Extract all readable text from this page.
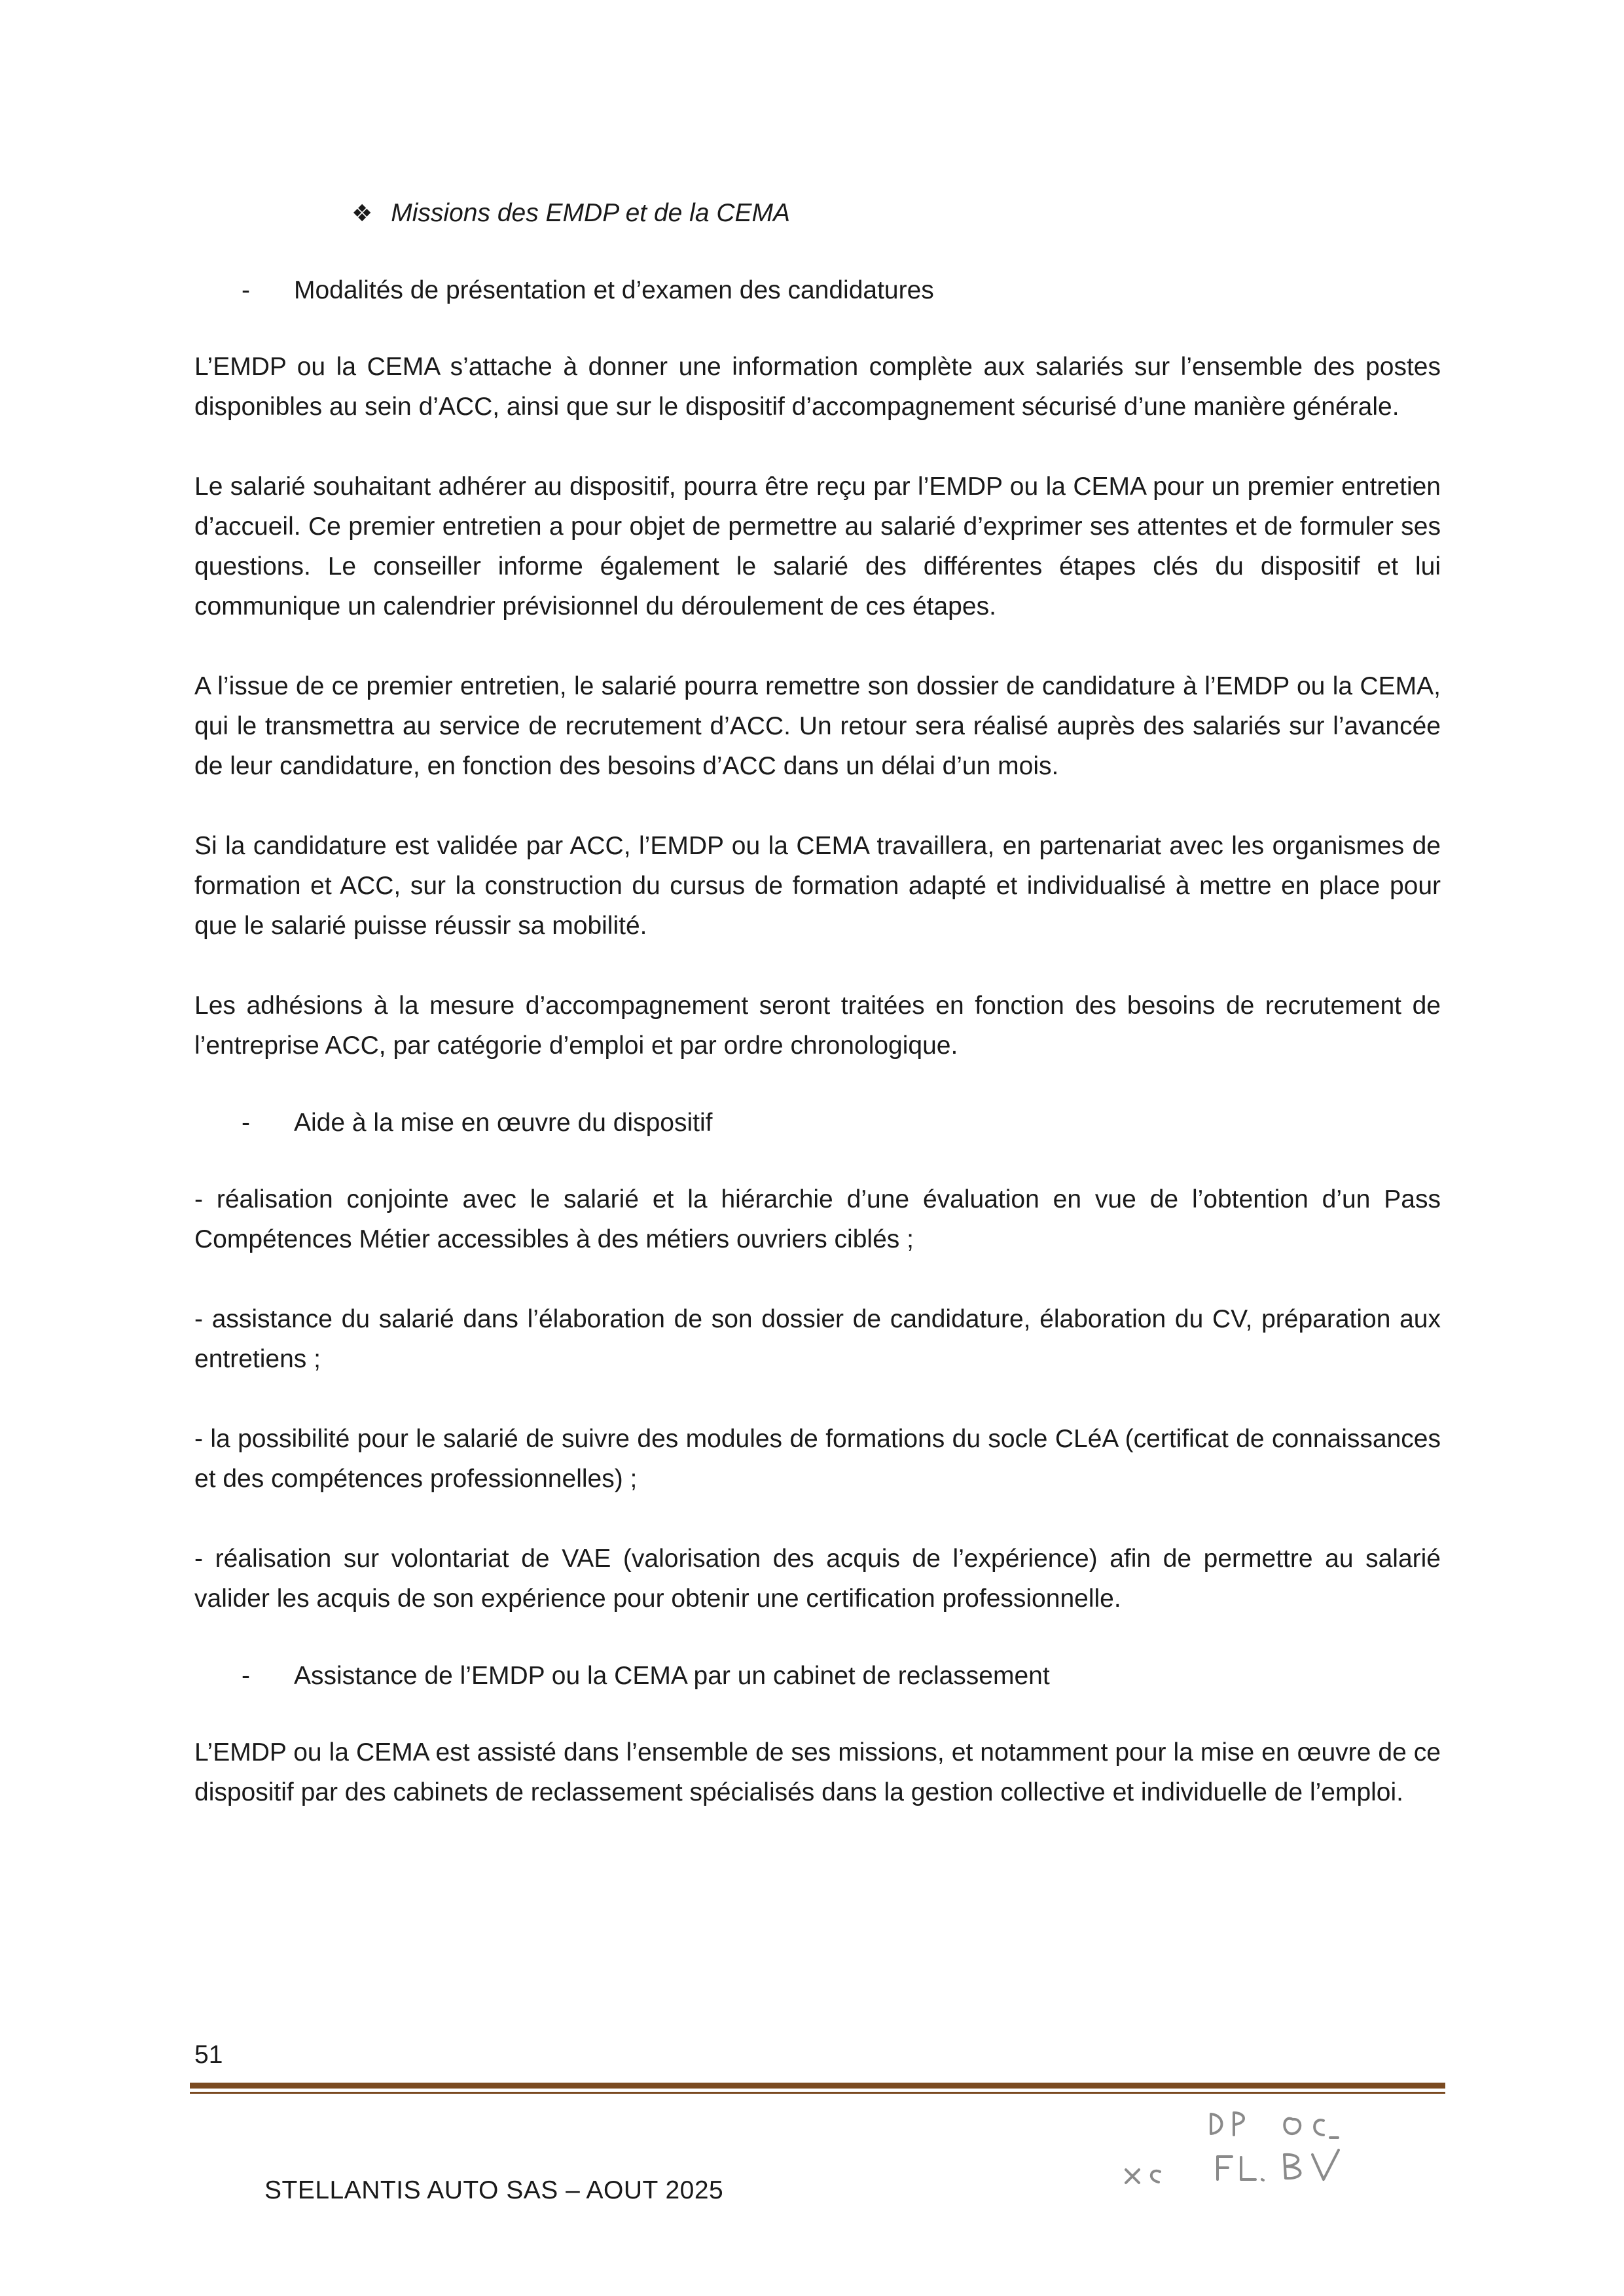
❖ Missions des EMDP et de la CEMA
-	Modalités de présentation et d’examen des candidatures

L’EMDP ou la CEMA s’attache à donner une information complète aux salariés sur l’ensemble des postes disponibles au sein d’ACC, ainsi que sur le dispositif d’accompagnement sécurisé d’une manière générale.

Le salarié souhaitant adhérer au dispositif, pourra être reçu par l’EMDP ou la CEMA pour un premier entretien d’accueil. Ce premier entretien a pour objet de permettre au salarié d’exprimer ses attentes et de formuler ses questions. Le conseiller informe également le salarié des différentes étapes clés du dispositif et lui communique un calendrier prévisionnel du déroulement de ces étapes.

A l’issue de ce premier entretien, le salarié pourra remettre son dossier de candidature à l’EMDP ou la CEMA, qui le transmettra au service de recrutement d’ACC. Un retour sera réalisé auprès des salariés sur l’avancée de leur candidature, en fonction des besoins d’ACC dans un délai d’un mois.

Si la candidature est validée par ACC, l’EMDP ou la CEMA travaillera, en partenariat avec les organismes de formation et ACC, sur la construction du cursus de formation adapté et individualisé à mettre en place pour que le salarié puisse réussir sa mobilité.

Les adhésions à la mesure d’accompagnement seront traitées en fonction des besoins de recrutement de l’entreprise ACC, par catégorie d’emploi et par ordre chronologique.

-	Aide à la mise en œuvre du dispositif

- réalisation conjointe avec le salarié et la hiérarchie d’une évaluation en vue de l’obtention d’un Pass Compétences Métier accessibles à des métiers ouvriers ciblés ;

- assistance du salarié dans l’élaboration de son dossier de candidature, élaboration du CV, préparation aux entretiens ;

- la possibilité pour le salarié de suivre des modules de formations du socle CLéA (certificat de connaissances et des compétences professionnelles) ;

- réalisation sur volontariat de VAE (valorisation des acquis de l’expérience) afin de permettre au salarié valider les acquis de son expérience pour obtenir une certification professionnelle.

-	Assistance de l’EMDP ou la CEMA par un cabinet de reclassement

L’EMDP ou la CEMA est assisté dans l’ensemble de ses missions, et notamment pour la mise en œuvre de ce dispositif par des cabinets de reclassement spécialisés dans la gestion collective et individuelle de l’emploi.

51
STELLANTIS AUTO SAS – AOUT 2025
